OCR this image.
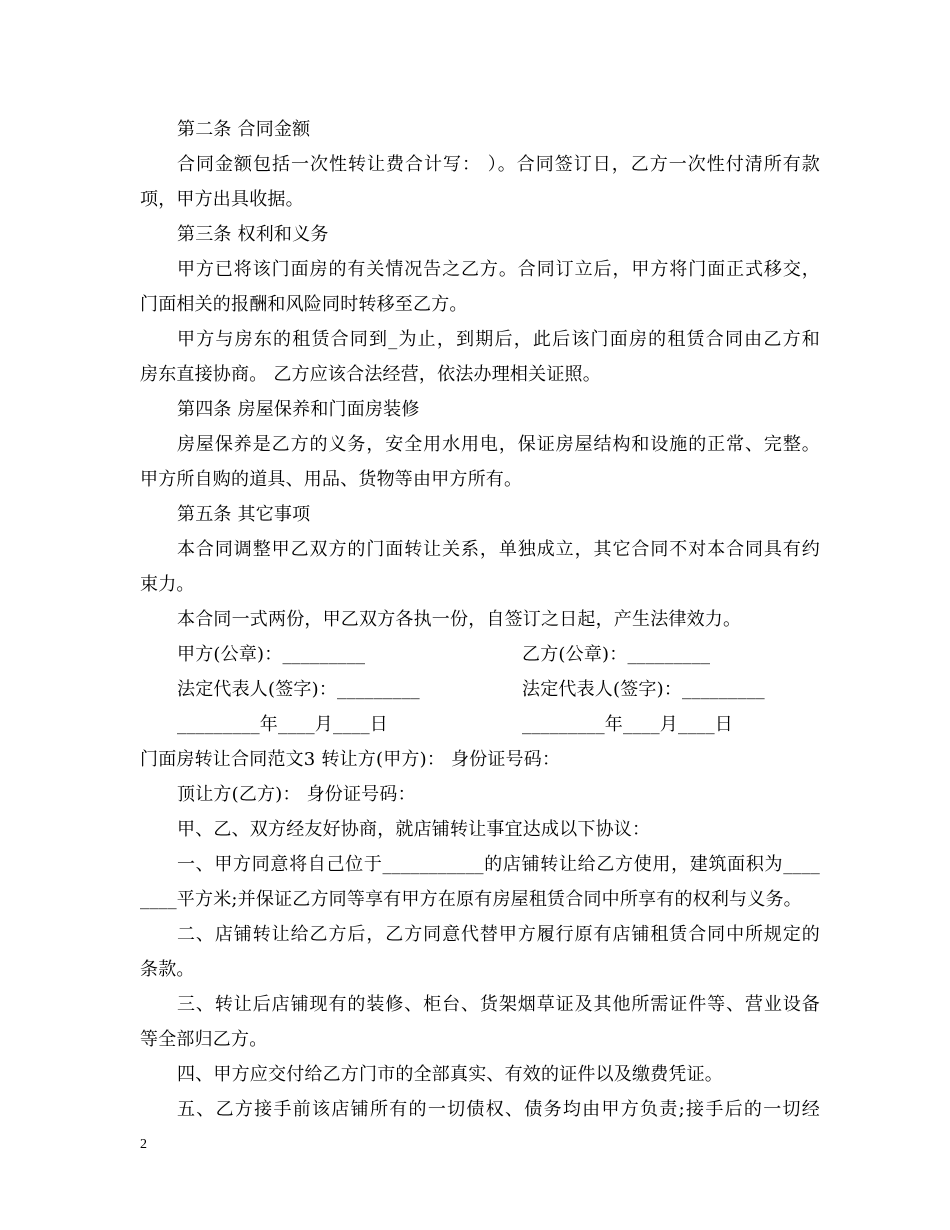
第二条 合同金额
合同金额包括一次性转让费合计写： ）。合同签订日，乙方一次性付清所有款
项，甲方出具收据。
第三条 权利和义务
甲方已将该门面房的有关情况告之乙方。合同订立后，甲方将门面正式移交，
门面相关的报酬和风险同时转移至乙方。
甲方与房东的租赁合同到_为止，到期后，此后该门面房的租赁合同由乙方和
房东直接协商。 乙方应该合法经营，依法办理相关证照。
第四条 房屋保养和门面房装修
房屋保养是乙方的义务，安全用水用电，保证房屋结构和设施的正常、完整。
甲方所自购的道具、用品、货物等由甲方所有。
第五条 其它事项
本合同调整甲乙双方的门面转让关系，单独成立，其它合同不对本合同具有约
束力。
本合同一式两份，甲乙双方各执一份，自签订之日起，产生法律效力。
甲方(公章)：_________	乙方(公章)：_________
法定代表人(签字)：_________	法定代表人(签字)：_________
_________年____月____日	_________年____月____日
门面房转让合同范文3 转让方(甲方)： 身份证号码：
顶让方(乙方)： 身份证号码：
甲、乙、双方经友好协商，就店铺转让事宜达成以下协议：
一、甲方同意将自己位于___________的店铺转让给乙方使用，建筑面积为____
____平方米;并保证乙方同等享有甲方在原有房屋租赁合同中所享有的权利与义务。
二、店铺转让给乙方后，乙方同意代替甲方履行原有店铺租赁合同中所规定的
条款。
三、转让后店铺现有的装修、柜台、货架烟草证及其他所需证件等、营业设备
等全部归乙方。
四、甲方应交付给乙方门市的全部真实、有效的证件以及缴费凭证。
五、乙方接手前该店铺所有的一切债权、债务均由甲方负责;接手后的一切经
2
